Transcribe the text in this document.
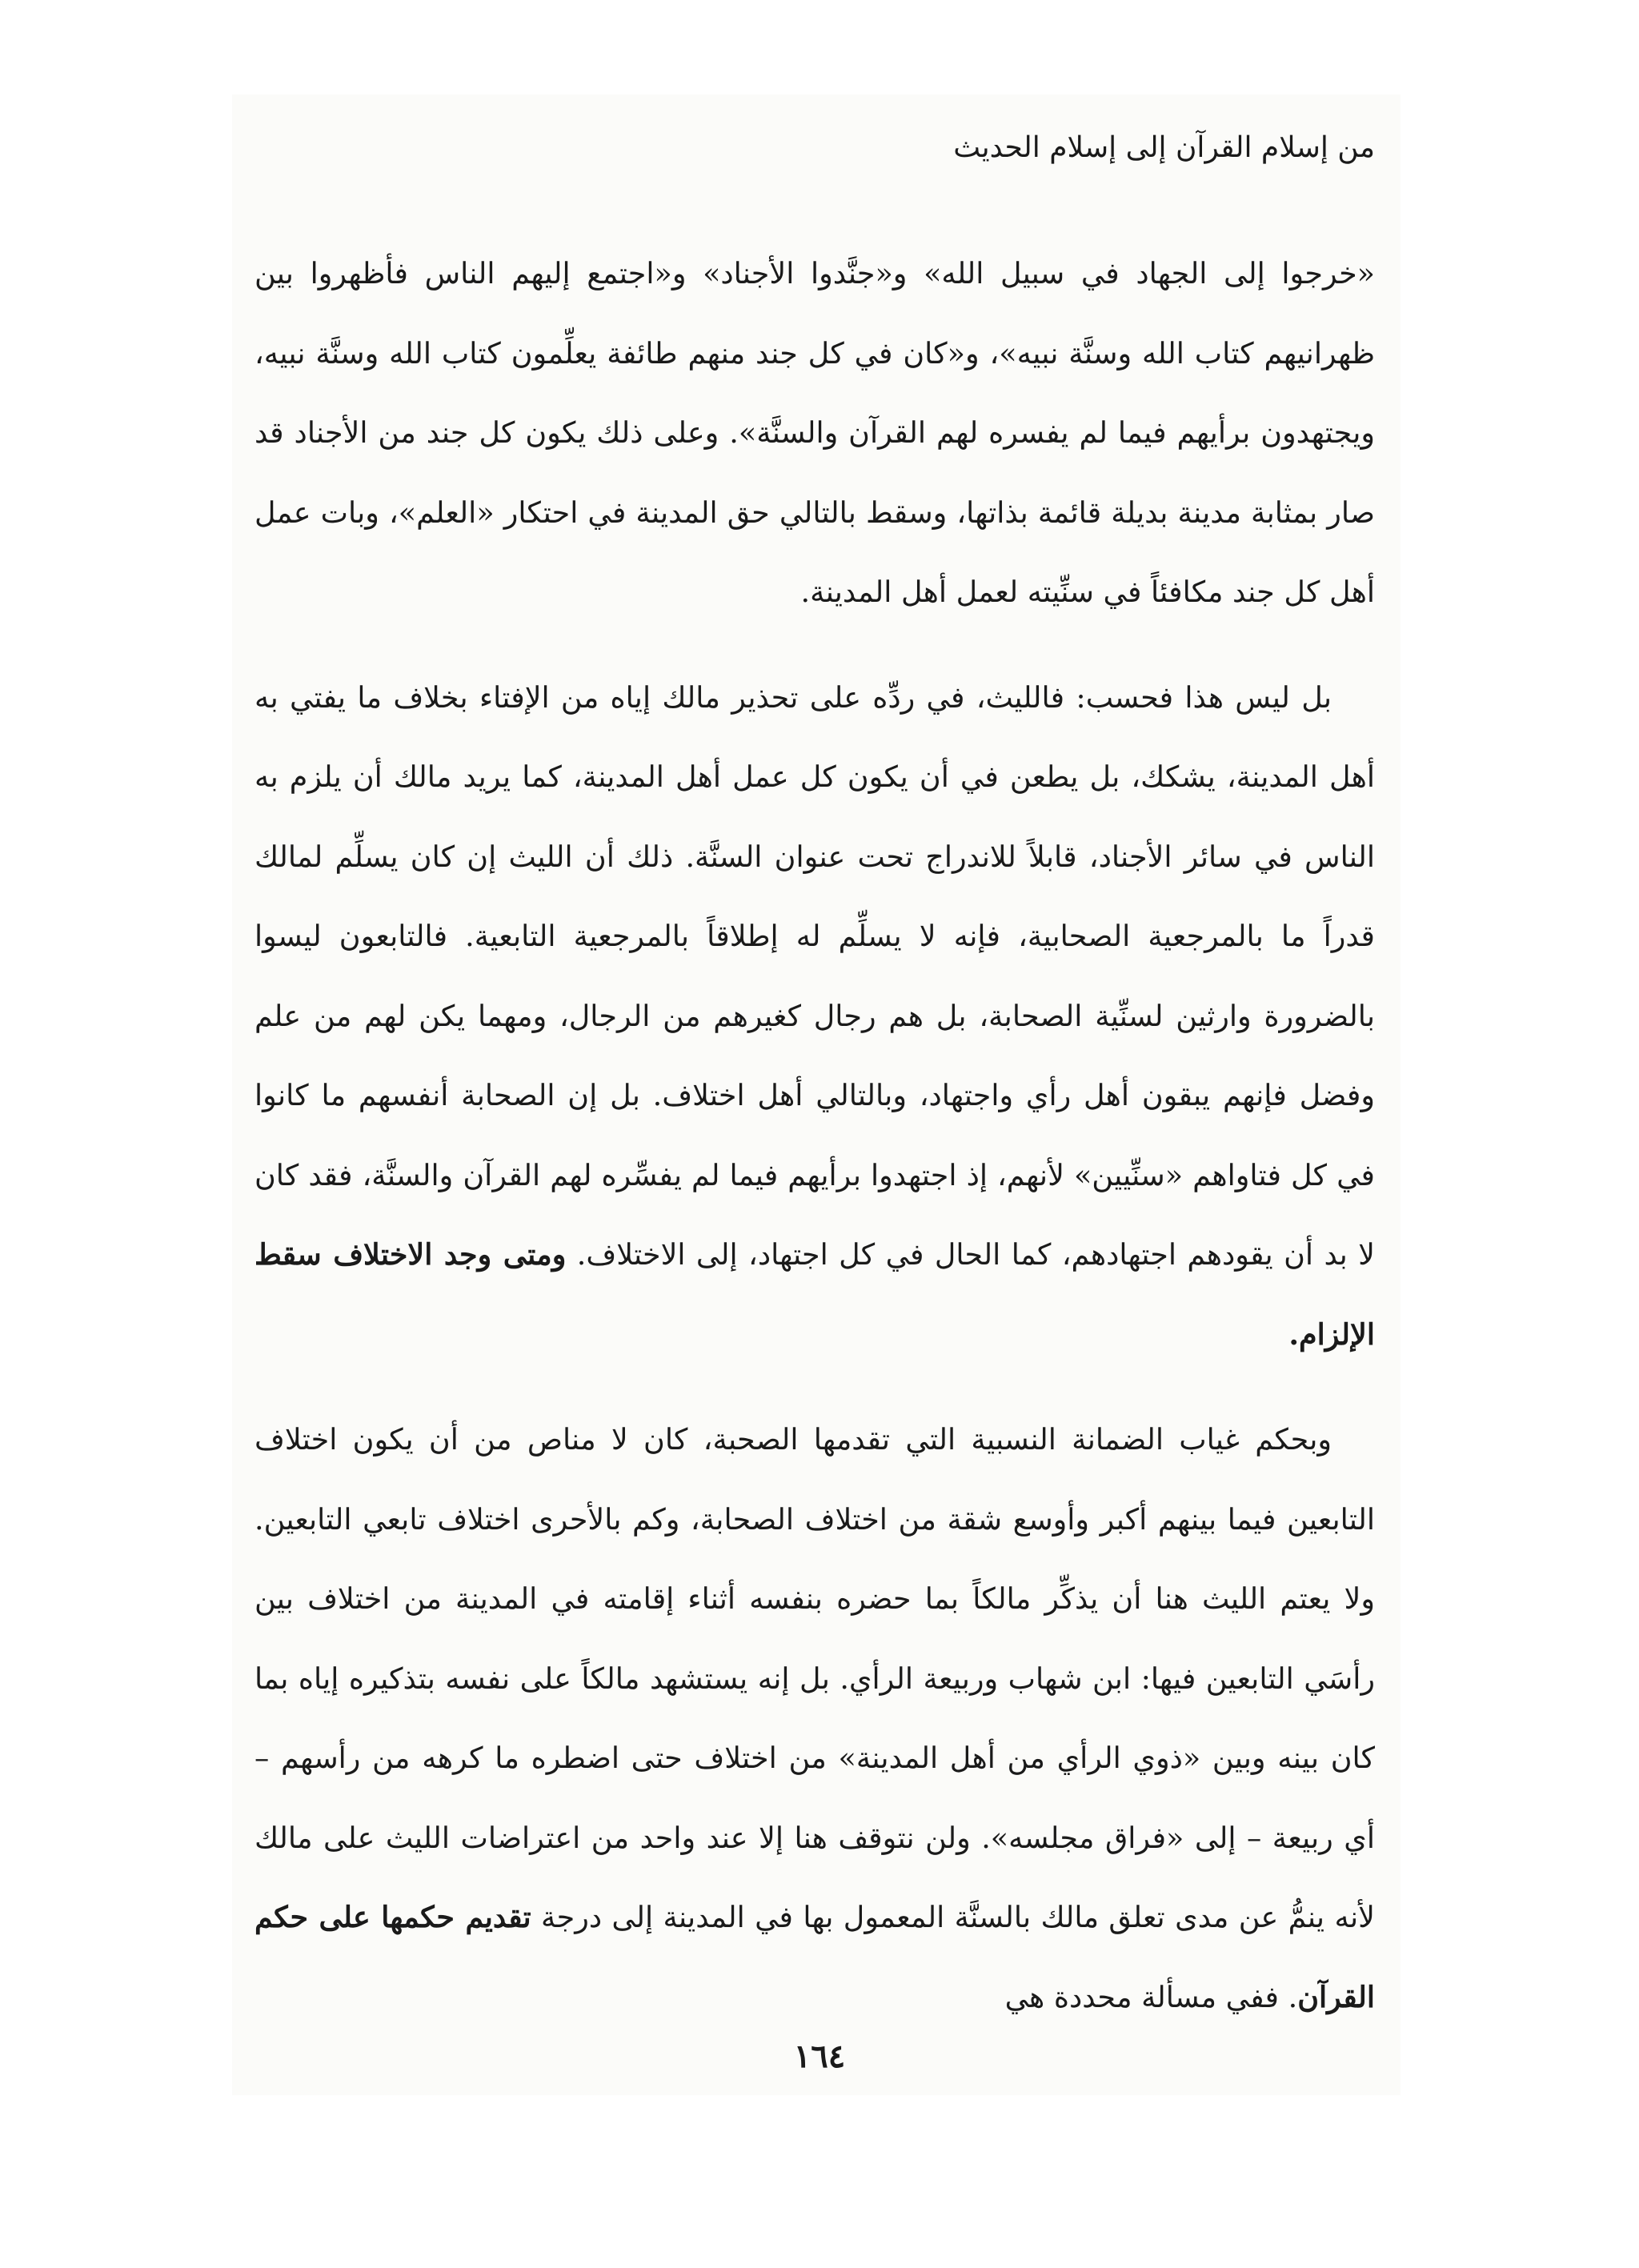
من إسلام القرآن إلى إسلام الحديث

«خرجوا إلى الجهاد في سبيل الله» و«جنَّدوا الأجناد» و«اجتمع إليهم الناس فأظهروا بين ظهرانيهم كتاب الله وسنَّة نبيه»، و«كان في كل جند منهم طائفة يعلِّمون كتاب الله وسنَّة نبيه، ويجتهدون برأيهم فيما لم يفسره لهم القرآن والسنَّة». وعلى ذلك يكون كل جند من الأجناد قد صار بمثابة مدينة بديلة قائمة بذاتها، وسقط بالتالي حق المدينة في احتكار «العلم»، وبات عمل أهل كل جند مكافئاً في سنِّيته لعمل أهل المدينة.

بل ليس هذا فحسب: فالليث، في ردِّه على تحذير مالك إياه من الإفتاء بخلاف ما يفتي به أهل المدينة، يشكك، بل يطعن في أن يكون كل عمل أهل المدينة، كما يريد مالك أن يلزم به الناس في سائر الأجناد، قابلاً للاندراج تحت عنوان السنَّة. ذلك أن الليث إن كان يسلِّم لمالك قدراً ما بالمرجعية الصحابية، فإنه لا يسلِّم له إطلاقاً بالمرجعية التابعية. فالتابعون ليسوا بالضرورة وارثين لسنِّية الصحابة، بل هم رجال كغيرهم من الرجال، ومهما يكن لهم من علم وفضل فإنهم يبقون أهل رأي واجتهاد، وبالتالي أهل اختلاف. بل إن الصحابة أنفسهم ما كانوا في كل فتاواهم «سنِّيين» لأنهم، إذ اجتهدوا برأيهم فيما لم يفسِّره لهم القرآن والسنَّة، فقد كان لا بد أن يقودهم اجتهادهم، كما الحال في كل اجتهاد، إلى الاختلاف. ومتى وجد الاختلاف سقط الإلزام.

وبحكم غياب الضمانة النسبية التي تقدمها الصحبة، كان لا مناص من أن يكون اختلاف التابعين فيما بينهم أكبر وأوسع شقة من اختلاف الصحابة، وكم بالأحرى اختلاف تابعي التابعين. ولا يعتم الليث هنا أن يذكِّر مالكاً بما حضره بنفسه أثناء إقامته في المدينة من اختلاف بين رأسَي التابعين فيها: ابن شهاب وربيعة الرأي. بل إنه يستشهد مالكاً على نفسه بتذكيره إياه بما كان بينه وبين «ذوي الرأي من أهل المدينة» من اختلاف حتى اضطره ما كرهه من رأسهم – أي ربيعة – إلى «فراق مجلسه». ولن نتوقف هنا إلا عند واحد من اعتراضات الليث على مالك لأنه ينمُّ عن مدى تعلق مالك بالسنَّة المعمول بها في المدينة إلى درجة تقديم حكمها على حكم القرآن. ففي مسألة محددة هي

١٦٤
